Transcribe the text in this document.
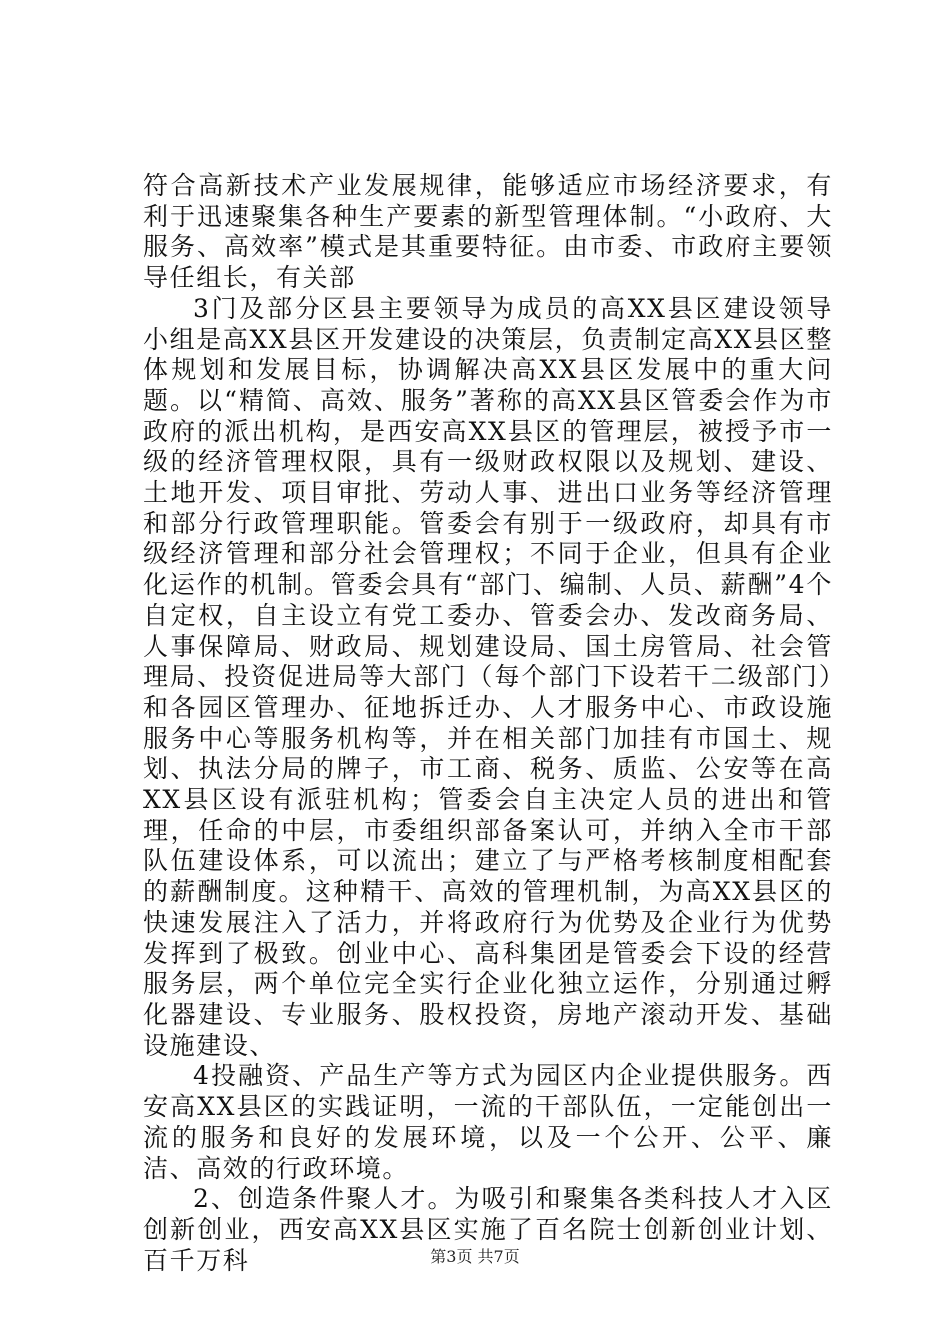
符合高新技术产业发展规律，能够适应市场经济要求，有利于迅速聚集各种生产要素的新型管理体制。“小政府、大服务、高效率”模式是其重要特征。由市委、市政府主要领导任组长，有关部

3门及部分区县主要领导为成员的高XX县区建设领导小组是高XX县区开发建设的决策层，负责制定高XX县区整体规划和发展目标，协调解决高XX县区发展中的重大问题。以“精简、高效、服务”著称的高XX县区管委会作为市政府的派出机构，是西安高XX县区的管理层，被授予市一级的经济管理权限，具有一级财政权限以及规划、建设、土地开发、项目审批、劳动人事、进出口业务等经济管理和部分行政管理职能。管委会有别于一级政府，却具有市级经济管理和部分社会管理权；不同于企业，但具有企业化运作的机制。管委会具有“部门、编制、人员、薪酬”4个自定权，自主设立有党工委办、管委会办、发改商务局、人事保障局、财政局、规划建设局、国土房管局、社会管理局、投资促进局等大部门（每个部门下设若干二级部门）和各园区管理办、征地拆迁办、人才服务中心、市政设施服务中心等服务机构等，并在相关部门加挂有市国土、规划、执法分局的牌子，市工商、税务、质监、公安等在高XX县区设有派驻机构；管委会自主决定人员的进出和管理，任命的中层，市委组织部备案认可，并纳入全市干部队伍建设体系，可以流出；建立了与严格考核制度相配套的薪酬制度。这种精干、高效的管理机制，为高XX县区的快速发展注入了活力，并将政府行为优势及企业行为优势发挥到了极致。创业中心、高科集团是管委会下设的经营服务层，两个单位完全实行企业化独立运作，分别通过孵化器建设、专业服务、股权投资，房地产滚动开发、基础设施建设、

4投融资、产品生产等方式为园区内企业提供服务。西安高XX县区的实践证明，一流的干部队伍，一定能创出一流的服务和良好的发展环境，以及一个公开、公平、廉洁、高效的行政环境。

2、创造条件聚人才。为吸引和聚集各类科技人才入区创新创业，西安高XX县区实施了百名院士创新创业计划、百千万科	第3页 共7页
